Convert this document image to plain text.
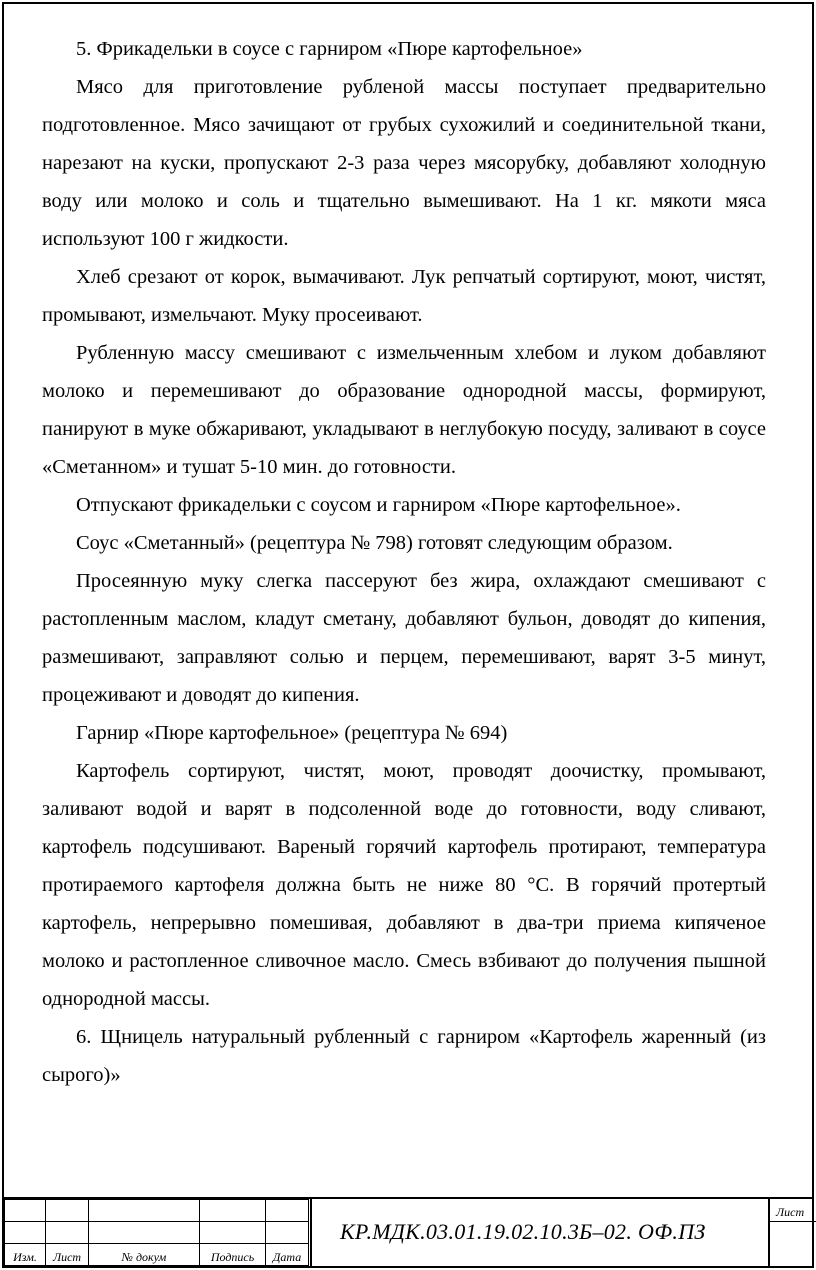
5. Фрикадельки в соусе с гарниром «Пюре картофельное»

Мясо для приготовление рубленой массы поступает предварительно подготовленное. Мясо зачищают от грубых сухожилий и соединительной ткани, нарезают на куски, пропускают 2-3 раза через мясорубку, добавляют холодную воду или молоко и соль и тщательно вымешивают. На 1 кг. мякоти мяса используют 100 г жидкости.

Хлеб срезают от корок, вымачивают. Лук репчатый сортируют, моют, чистят, промывают, измельчают. Муку просеивают.

Рубленную массу смешивают с измельченным хлебом и луком добавляют молоко и перемешивают до образование однородной массы, формируют, панируют в муке обжаривают, укладывают в неглубокую посуду, заливают в соусе «Сметанном» и тушат 5-10 мин. до готовности.

Отпускают фрикадельки с соусом и гарниром «Пюре картофельное».

Соус «Сметанный» (рецептура № 798) готовят следующим образом.

Просеянную муку слегка пассеруют без жира, охлаждают смешивают с растопленным маслом, кладут сметану, добавляют бульон, доводят до кипения, размешивают, заправляют солью и перцем, перемешивают, варят 3-5 минут, процеживают и доводят до кипения.

Гарнир «Пюре картофельное» (рецептура № 694)

Картофель сортируют, чистят, моют, проводят доочистку, промывают, заливают водой и варят в подсоленной воде до готовности, воду сливают, картофель подсушивают. Вареный горячий картофель протирают, температура протираемого картофеля должна быть не ниже 80 °С. В горячий протертый картофель, непрерывно помешивая, добавляют в два-три приема кипяченое молоко и растопленное сливочное масло. Смесь взбивают до получения пышной однородной массы.

6. Щницель натуральный рубленный с гарниром «Картофель жаренный (из сырого)»

Изм.	Лист	№ докум	Подпись	Дата
КР.МДК.03.01.19.02.10.3Б–02. ОФ.ПЗ
Лист
